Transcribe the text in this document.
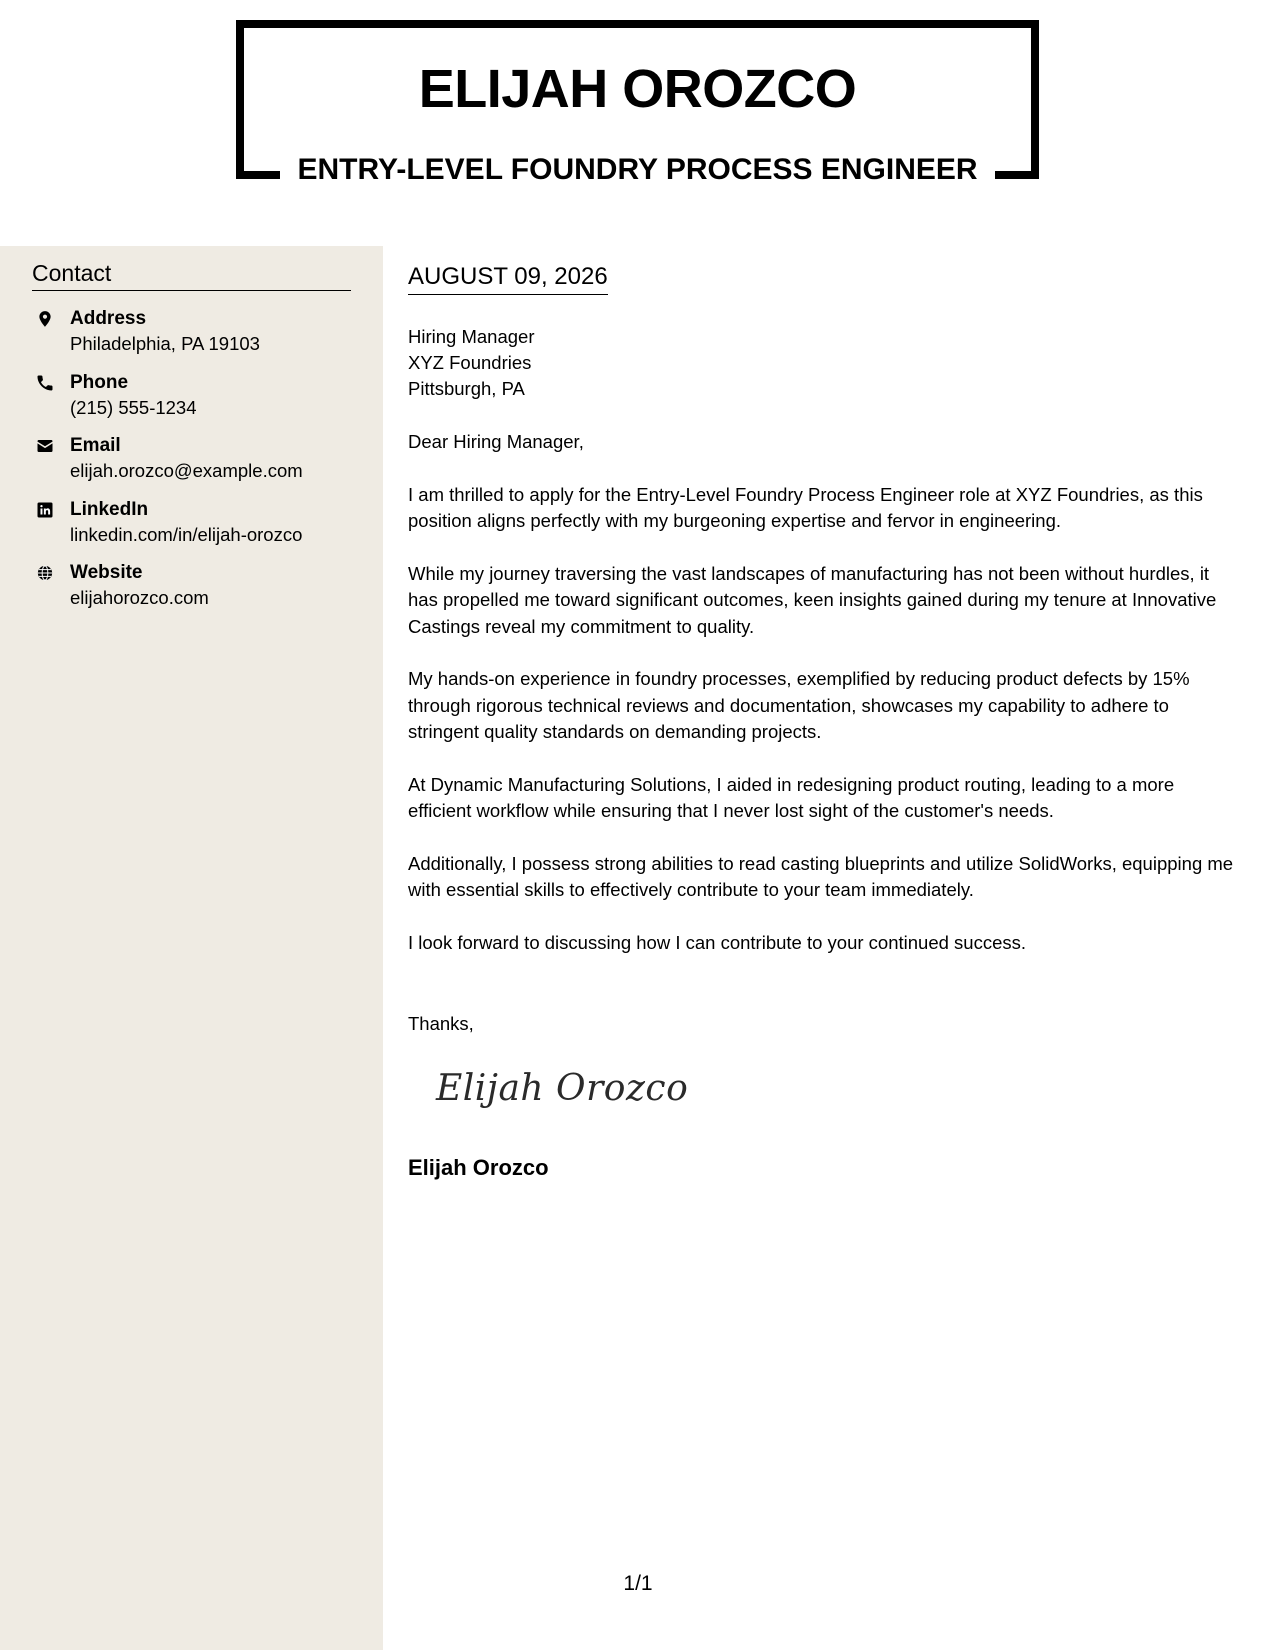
ELIJAH OROZCO
ENTRY-LEVEL FOUNDRY PROCESS ENGINEER
Contact
Address
Philadelphia, PA 19103
Phone
(215) 555-1234
Email
elijah.orozco@example.com
LinkedIn
linkedin.com/in/elijah-orozco
Website
elijahorozco.com
AUGUST 09, 2026
Hiring Manager
XYZ Foundries
Pittsburgh, PA

Dear Hiring Manager,

I am thrilled to apply for the Entry-Level Foundry Process Engineer role at XYZ Foundries, as this position aligns perfectly with my burgeoning expertise and fervor in engineering.

While my journey traversing the vast landscapes of manufacturing has not been without hurdles, it has propelled me toward significant outcomes, keen insights gained during my tenure at Innovative Castings reveal my commitment to quality.

My hands-on experience in foundry processes, exemplified by reducing product defects by 15% through rigorous technical reviews and documentation, showcases my capability to adhere to stringent quality standards on demanding projects.

At Dynamic Manufacturing Solutions, I aided in redesigning product routing, leading to a more efficient workflow while ensuring that I never lost sight of the customer's needs.

Additionally, I possess strong abilities to read casting blueprints and utilize SolidWorks, equipping me with essential skills to effectively contribute to your team immediately.

I look forward to discussing how I can contribute to your continued success.

Thanks,
Elijah Orozco
Elijah Orozco
1/1
